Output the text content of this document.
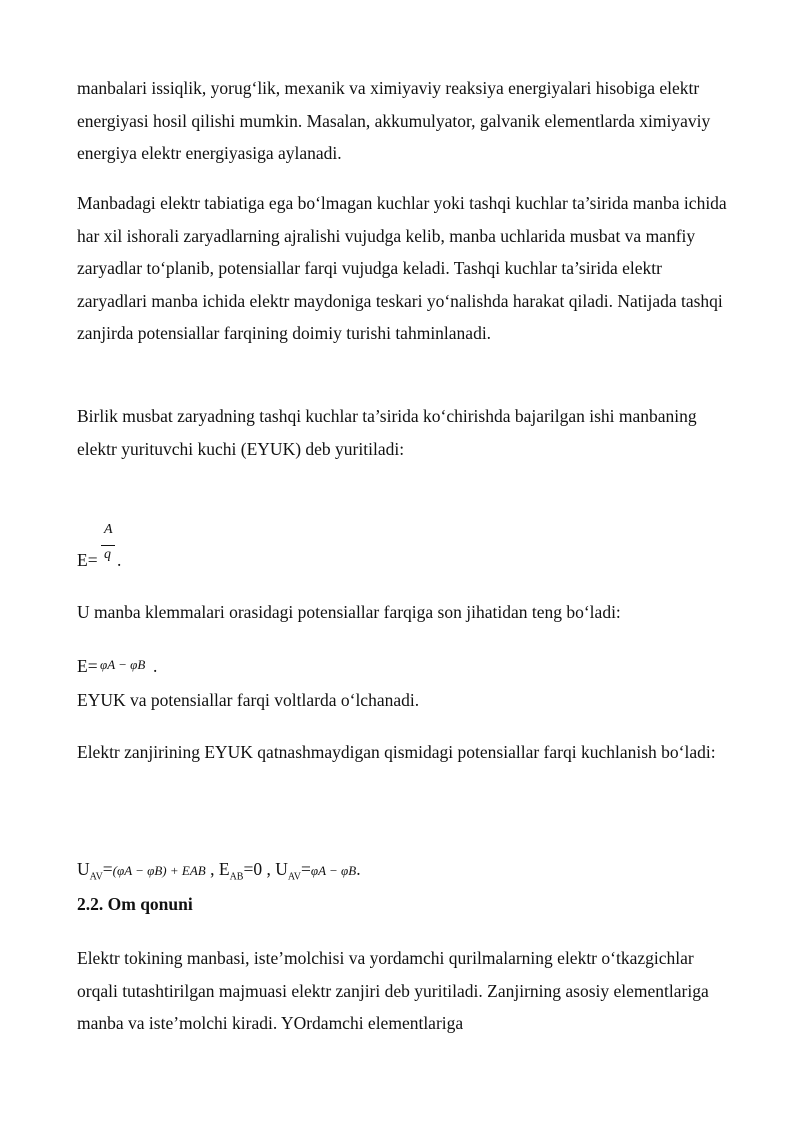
manbalari issiqlik, yorug‘lik, mexanik va ximiyaviy reaksiya energiyalari hisobiga elektr energiyasi hosil qilishi mumkin. Masalan, akkumulyator, galvanik elementlarda ximiyaviy energiya elektr energiyasiga aylanadi.

Manbadagi elektr tabiatiga ega bo‘lmagan kuchlar yoki tashqi kuchlar ta’sirida manba ichida har xil ishorali zaryadlarning ajralishi vujudga kelib, manba uchlarida musbat va manfiy zaryadlar to‘planib, potensiallar farqi vujudga keladi. Tashqi kuchlar ta’sirida elektr zaryadlari manba ichida elektr maydoniga teskari yo‘nalishda harakat qiladi. Natijada tashqi zanjirda potensiallar farqining doimiy turishi tahminlanadi.

Birlik musbat zaryadning tashqi kuchlar ta’sirida ko‘chirishda bajarilgan ishi manbaning elektr yurituvchi kuchi (EYUK) deb yuritiladi:

E=
A
q .

U manba klemmalari orasidagi potensiallar farqiga son jihatidan teng bo‘ladi:

E= φA − φB .

EYUK va potensiallar farqi voltlarda o‘lchanadi.

Elektr zanjirining EYUK qatnashmaydigan qismidagi potensiallar farqi kuchlanish bo‘ladi:

$U_{AV}=(\varphi A - \varphi B)$ + EAB , $E_{AB}=0$ , $U_{AV}=\varphi A - \varphi B$.
2.2. Om qonuni

Elektr tokining manbasi, iste’molchisi va yordamchi qurilmalarning elektr o‘tkazgichlar orqali tutashtirilgan majmuasi elektr zanjiri deb yuritiladi. Zanjirning asosiy elementlariga manba va iste’molchi kiradi. YOrdamchi elementlariga
